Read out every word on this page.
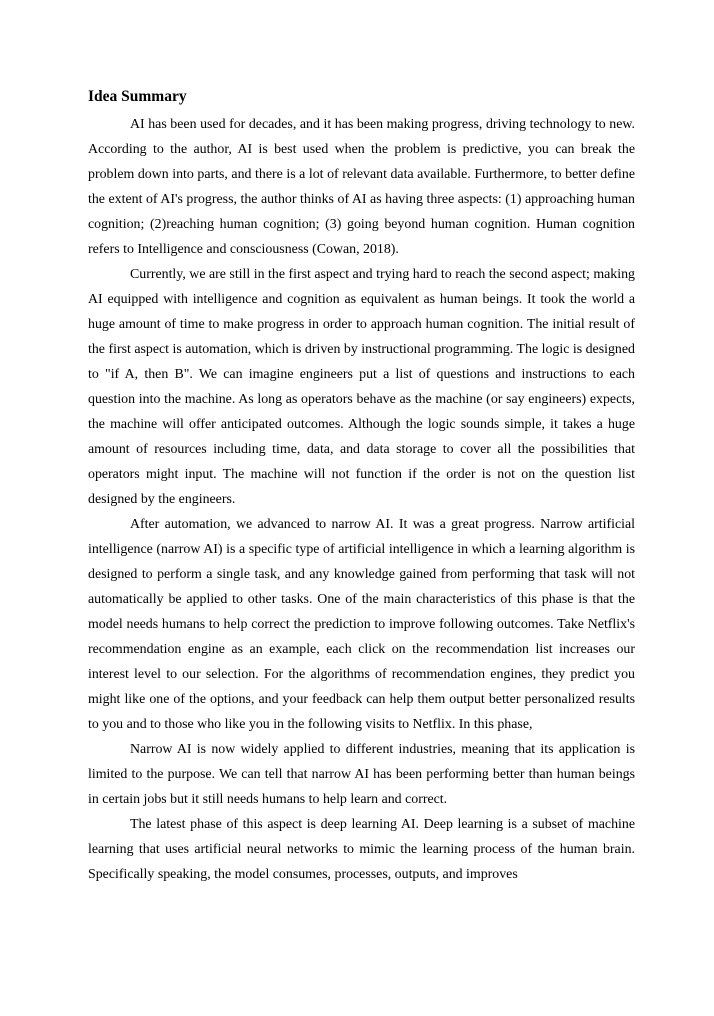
Idea Summary

AI has been used for decades, and it has been making progress, driving technology to new. According to the author, AI is best used when the problem is predictive, you can break the problem down into parts, and there is a lot of relevant data available. Furthermore, to better define the extent of AI's progress, the author thinks of AI as having three aspects: (1) approaching human cognition; (2)reaching human cognition; (3) going beyond human cognition. Human cognition refers to Intelligence and consciousness (Cowan, 2018).

Currently, we are still in the first aspect and trying hard to reach the second aspect; making AI equipped with intelligence and cognition as equivalent as human beings. It took the world a huge amount of time to make progress in order to approach human cognition. The initial result of the first aspect is automation, which is driven by instructional programming. The logic is designed to "if A, then B". We can imagine engineers put a list of questions and instructions to each question into the machine. As long as operators behave as the machine (or say engineers) expects, the machine will offer anticipated outcomes. Although the logic sounds simple, it takes a huge amount of resources including time, data, and data storage to cover all the possibilities that operators might input. The machine will not function if the order is not on the question list designed by the engineers.

After automation, we advanced to narrow AI. It was a great progress. Narrow artificial intelligence (narrow AI) is a specific type of artificial intelligence in which a learning algorithm is designed to perform a single task, and any knowledge gained from performing that task will not automatically be applied to other tasks. One of the main characteristics of this phase is that the model needs humans to help correct the prediction to improve following outcomes. Take Netflix's recommendation engine as an example, each click on the recommendation list increases our interest level to our selection. For the algorithms of recommendation engines, they predict you might like one of the options, and your feedback can help them output better personalized results to you and to those who like you in the following visits to Netflix. In this phase,

Narrow AI is now widely applied to different industries, meaning that its application is limited to the purpose. We can tell that narrow AI has been performing better than human beings in certain jobs but it still needs humans to help learn and correct.

The latest phase of this aspect is deep learning AI. Deep learning is a subset of machine learning that uses artificial neural networks to mimic the learning process of the human brain. Specifically speaking, the model consumes, processes, outputs, and improves
